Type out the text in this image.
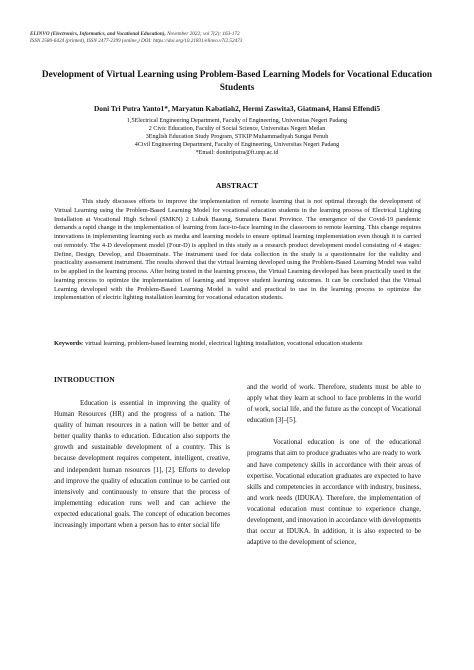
ELINVO (Electronics, Informatics, and Vocational Education), November 2022; vol 7(2): 163-172
ISSN 2580-6424 (printed), ISSN 2477-2399 (online,) DOI: https://doi.org/10.21831/elinvo.v7i2.52473
Development of Virtual Learning using Problem-Based Learning Models for Vocational Education Students
Doni Tri Putra Yanto1*, Maryatun Kabatiah2, Hermi Zaswita3, Giatman4, Hansi Effendi5
1,5Electrical Engineering Department, Faculty of Engineering, Universitas Negeri Padang
2 Civic Education, Faculty of Social Science, Universitas Negeri Medan
3English Education Study Program, STKIP Muhammadiyah Sungai Penuh
4Civil Engineering Department, Faculty of Engineering, Universitas Negeri Padang
*Email: donitriputra@ft.unp.ac.id
ABSTRACT

This study discusses efforts to improve the implementation of remote learning that is not optimal through the development of Virtual Learning using the Problem-Based Learning Model for vocational education students in the learning process of Electrical Lighting Installation at Vocational High School (SMKN) 2 Lubuk Basung, Sumatera Barat Province. The emergence of the Covid-19 pandemic demands a rapid change in the implementation of learning from face-to-face learning in the classroom to remote learning. This change requires innovations in implementing learning such as media and learning models to ensure optimal learning implementation even though it is carried out remotely. The 4-D development model (Four-D) is applied in this study as a research product development model consisting of 4 stages: Define, Design, Develop, and Disseminate. The instrument used for data collection in the study is a questionnaire for the validity and practicality assessment instrument. The results showed that the virtual learning developed using the Problem-Based Learning Model was valid to be applied in the learning process. After being tested in the learning process, the Virtual Learning developed has been practically used in the learning process to optimize the implementation of learning and improve student learning outcomes. It can be concluded that the Virtual Learning developed with the Problem-Based Learning Model is valid and practical to use in the learning process to optimize the implementation of electric lighting installation learning for vocational education students.

Keywords: virtual learning, problem-based learning model, electrical lighting installation, vocational education students

INTRODUCTION

Education is essential in improving the quality of Human Resources (HR) and the progress of a nation. The quality of human resources in a nation will be better and of better quality thanks to education. Education also supports the growth and sustainable development of a country. This is because development requires competent, intelligent, creative, and independent human resources [1], [2]. Efforts to develop and improve the quality of education continue to be carried out intensively and continuously to ensure that the process of implementing education runs well and can achieve the expected educational goals. The concept of education becomes increasingly important when a person has to enter social life

and the world of work. Therefore, students must be able to apply what they learn at school to face problems in the world of work, social life, and the future as the concept of Vocational education [3]–[5].

Vocational education is one of the educational programs that aim to produce graduates who are ready to work and have competency skills in accordance with their areas of expertise. Vocational education graduates are expected to have skills and competencies in accordance with industry, business, and work needs (IDUKA). Therefore, the implementation of vocational education must continue to experience change, development, and innovation in accordance with developments that occur at IDUKA. In addition, it is also expected to be adaptive to the development of science,
